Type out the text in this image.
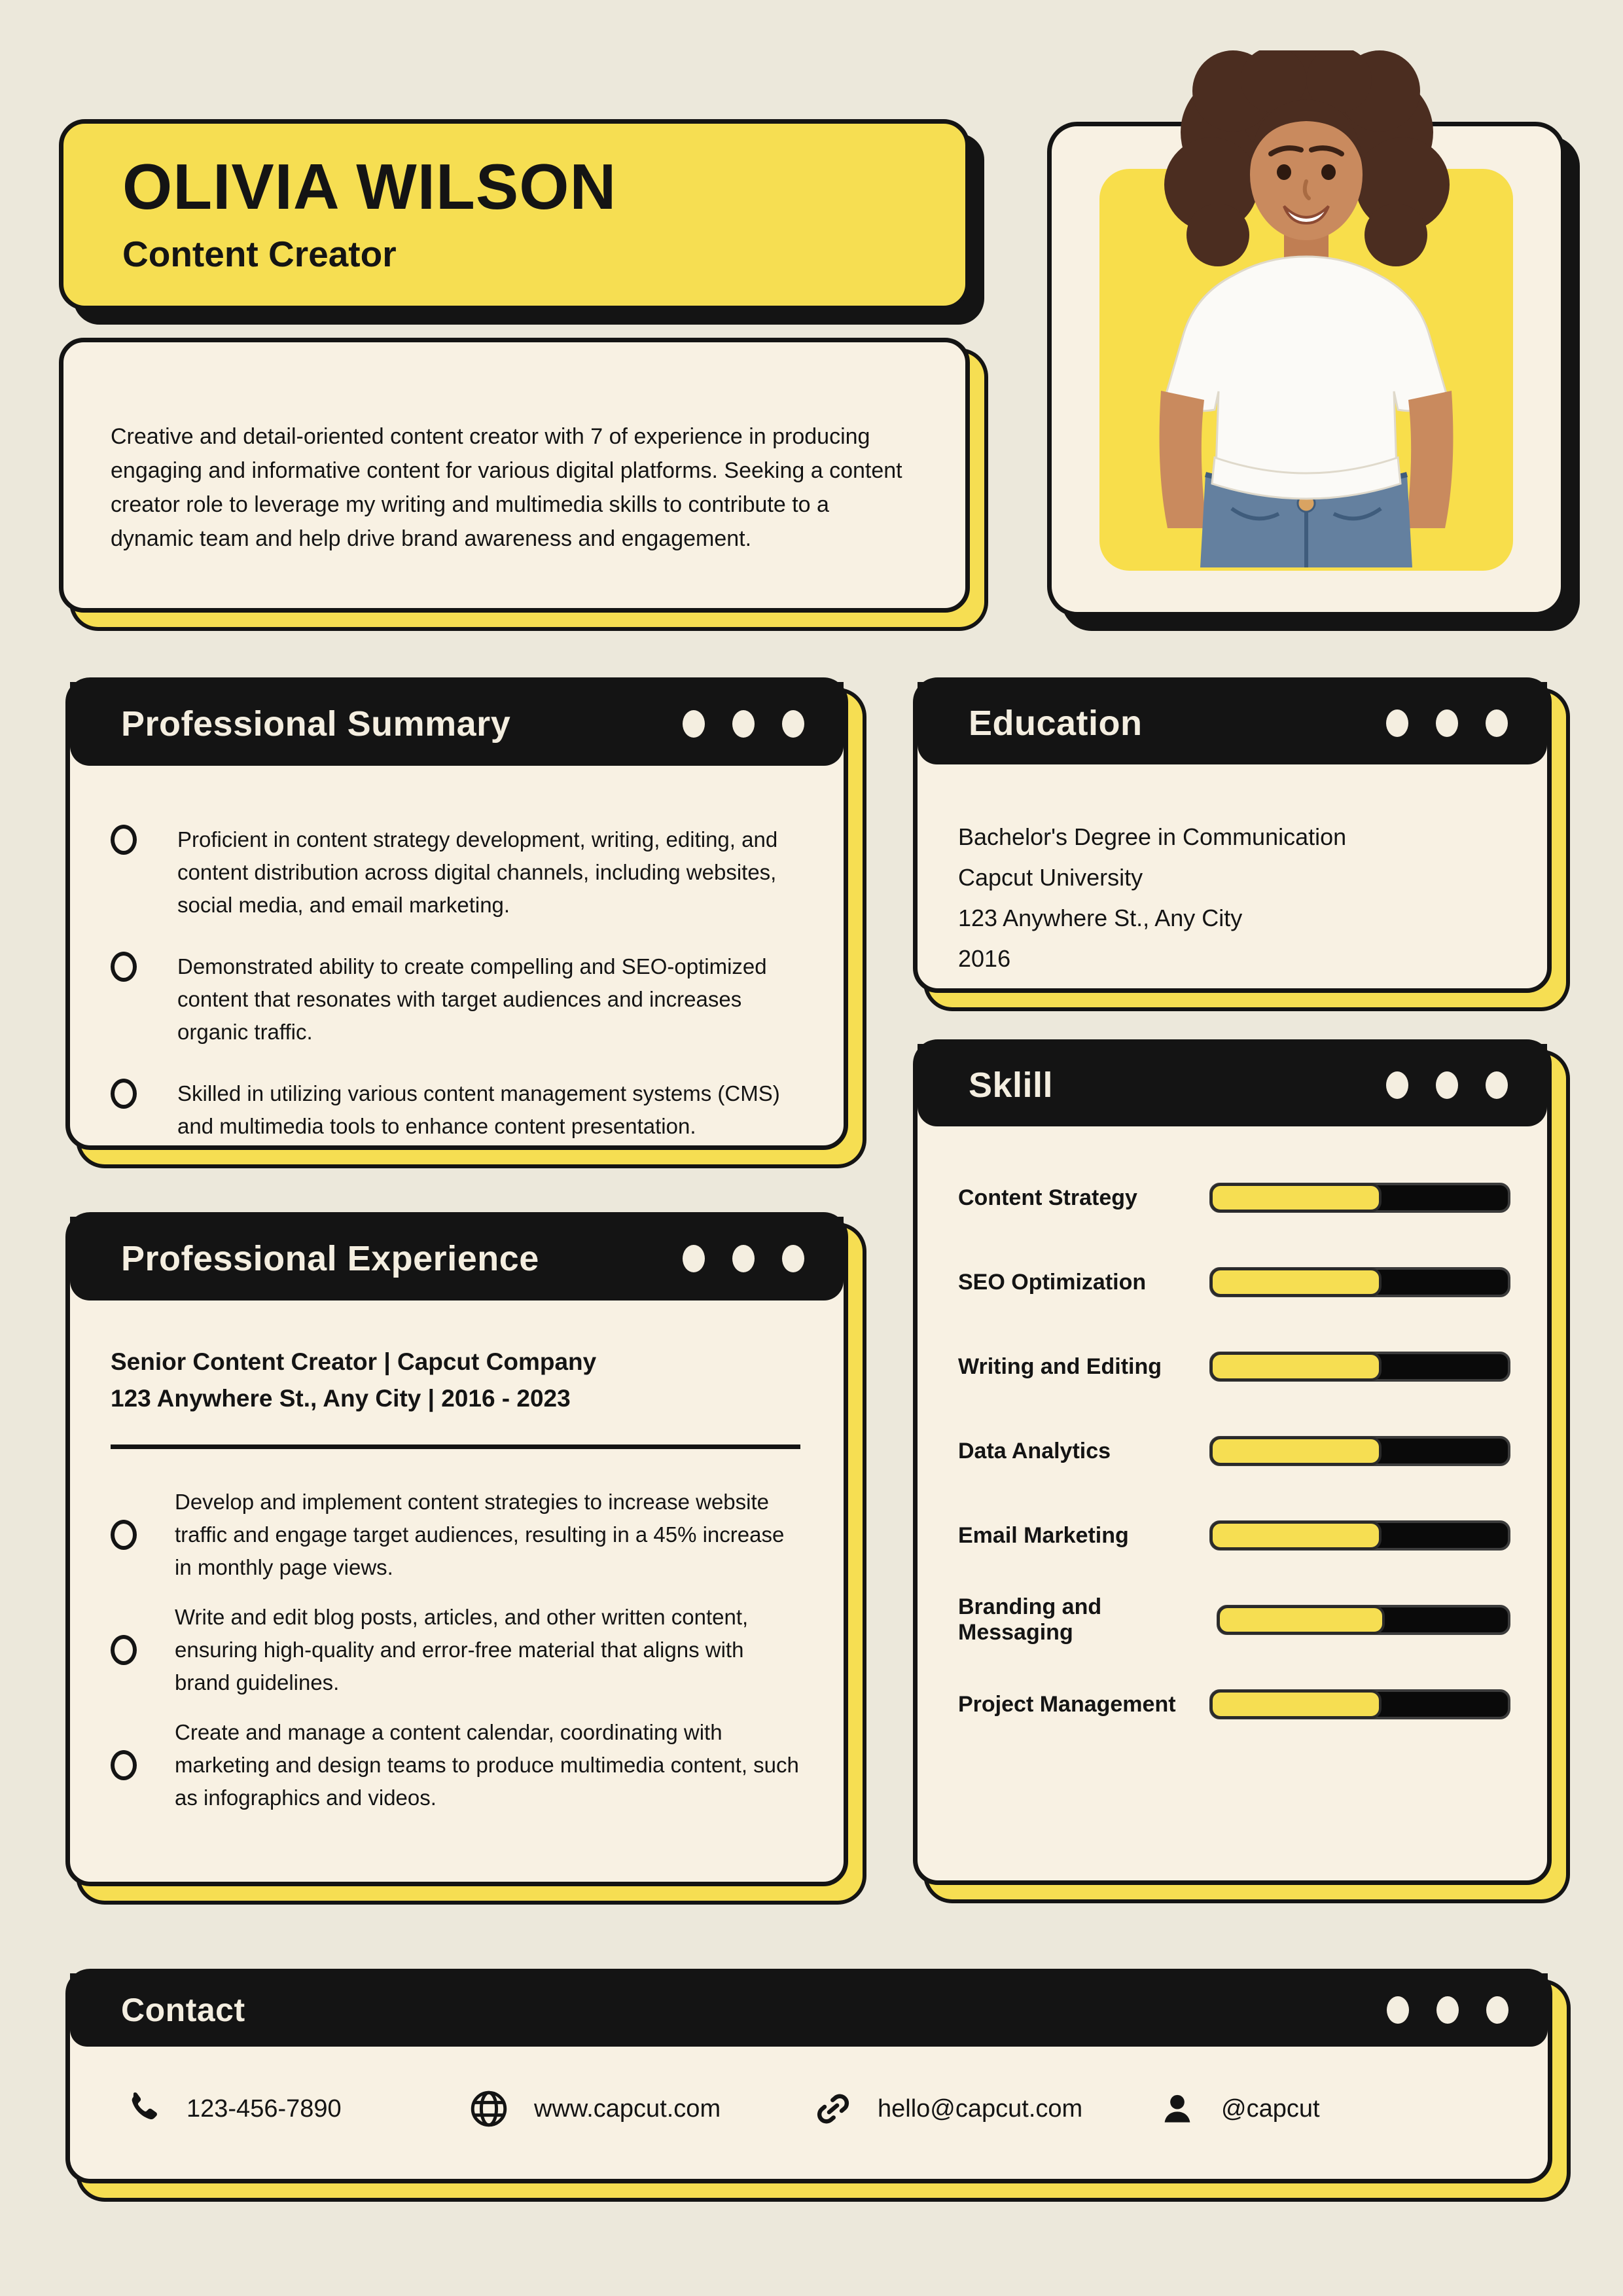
OLIVIA WILSON
Content Creator

Creative and detail-oriented content creator with 7 of experience in producing engaging and informative content for various digital platforms. Seeking a content creator role to leverage my writing and multimedia skills to contribute to a dynamic team and help drive brand awareness and engagement.

Professional Summary
Proficient in content strategy development, writing, editing, and content distribution across digital channels, including websites, social media, and email marketing.
Demonstrated ability to create compelling and SEO-optimized content that resonates with target audiences and increases organic traffic.
Skilled in utilizing various content management systems (CMS) and multimedia tools to enhance content presentation.
Education
Bachelor's Degree in Communication
Capcut University
123 Anywhere St., Any City
2016
Sklill
Content Strategy
SEO Optimization
Writing and Editing
Data Analytics
Email Marketing
Branding and Messaging
Project Management
Professional Experience
Senior Content Creator | Capcut Company
123 Anywhere St., Any City | 2016 - 2023
Develop and implement content strategies to increase website traffic and engage target audiences, resulting in a 45% increase in monthly page views.
Write and edit blog posts, articles, and other written content, ensuring high-quality and error-free material that aligns with brand guidelines.
Create and manage a content calendar, coordinating with marketing and design teams to produce multimedia content, such as infographics and videos.
Contact
123-456-7890	www.capcut.com	hello@capcut.com	@capcut
